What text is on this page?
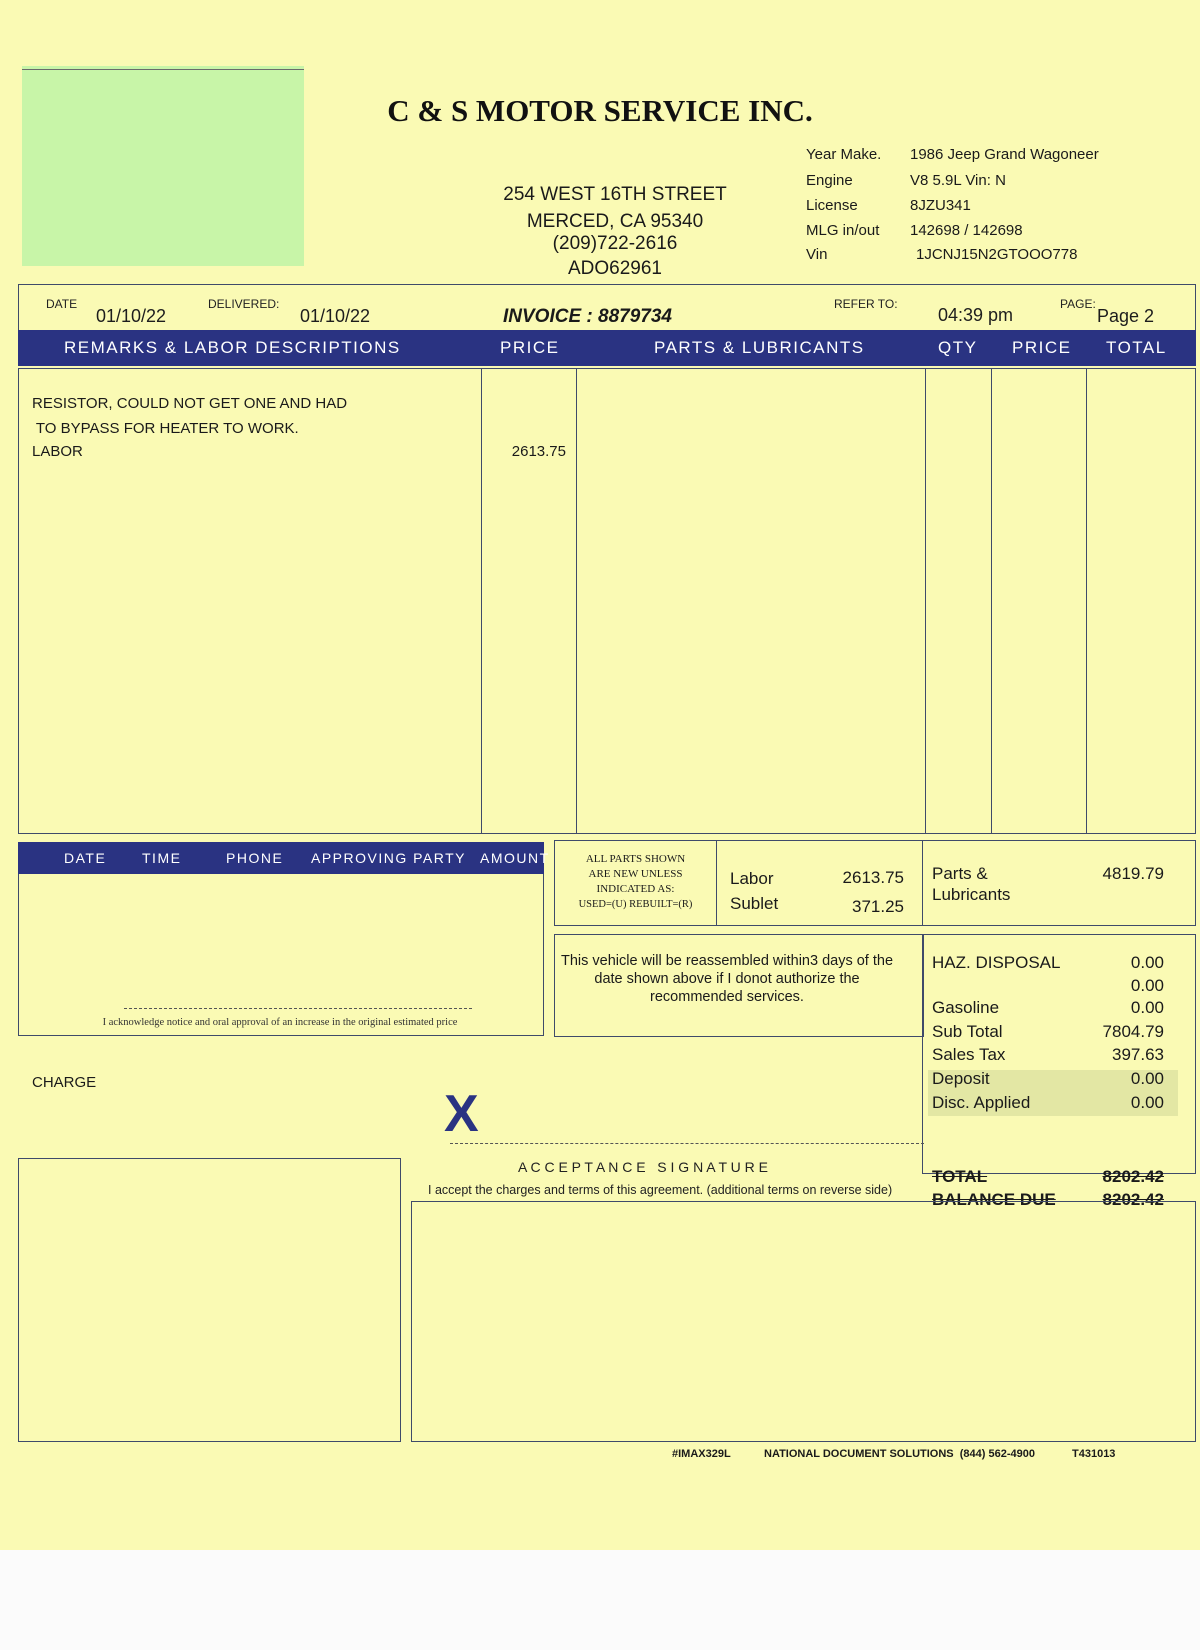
C & S MOTOR SERVICE INC.
254 WEST 16TH STREET
MERCED, CA 95340
(209)722-2616
ADO62961
Year Make. 1986 Jeep Grand Wagoneer
Engine	V8 5.9L Vin: N
License	8JZU341
MLG in/out 142698 / 142698
Vin	1JCNJ15N2GTOOO778
DATE
01/10/22
DELIVERED:
01/10/22	INVOICE : 8879734
REFER TO:
04:39 pm
PAGE:
Page 2
REMARKS & LABOR DESCRIPTIONS	PRICE	PARTS & LUBRICANTS	QTY PRICE TOTAL
RESISTOR, COULD NOT GET ONE AND HAD
TO BYPASS FOR HEATER TO WORK.
LABOR	2613.75
DATE	TIME	PHONE APPROVING PARTY AMOUNT
I acknowledge notice and oral approval of an increase in the original estimated price
ALL PARTS SHOWN
ARE NEW UNLESS
INDICATED AS:
USED=(U) REBUILT=(R)
Labor	2613.75
Sublet	371.25
Parts &
Lubricants
4819.79
This vehicle will be reassembled within3 days of the date shown above if I donot authorize the recommended services.
HAZ. DISPOSAL	0.00
0.00
Gasoline	0.00
Sub Total	7804.79
Sales Tax	397.63
Deposit	0.00
Disc. Applied	0.00
TOTAL	8202.42
BALANCE DUE	8202.42
CHARGE
X
A C C E P T A N C E   S I G N A T U R E
I accept the charges and terms of this agreement. (additional terms on reverse side)
#IMAX329L	NATIONAL DOCUMENT SOLUTIONS  (844) 562-4900	T431013
